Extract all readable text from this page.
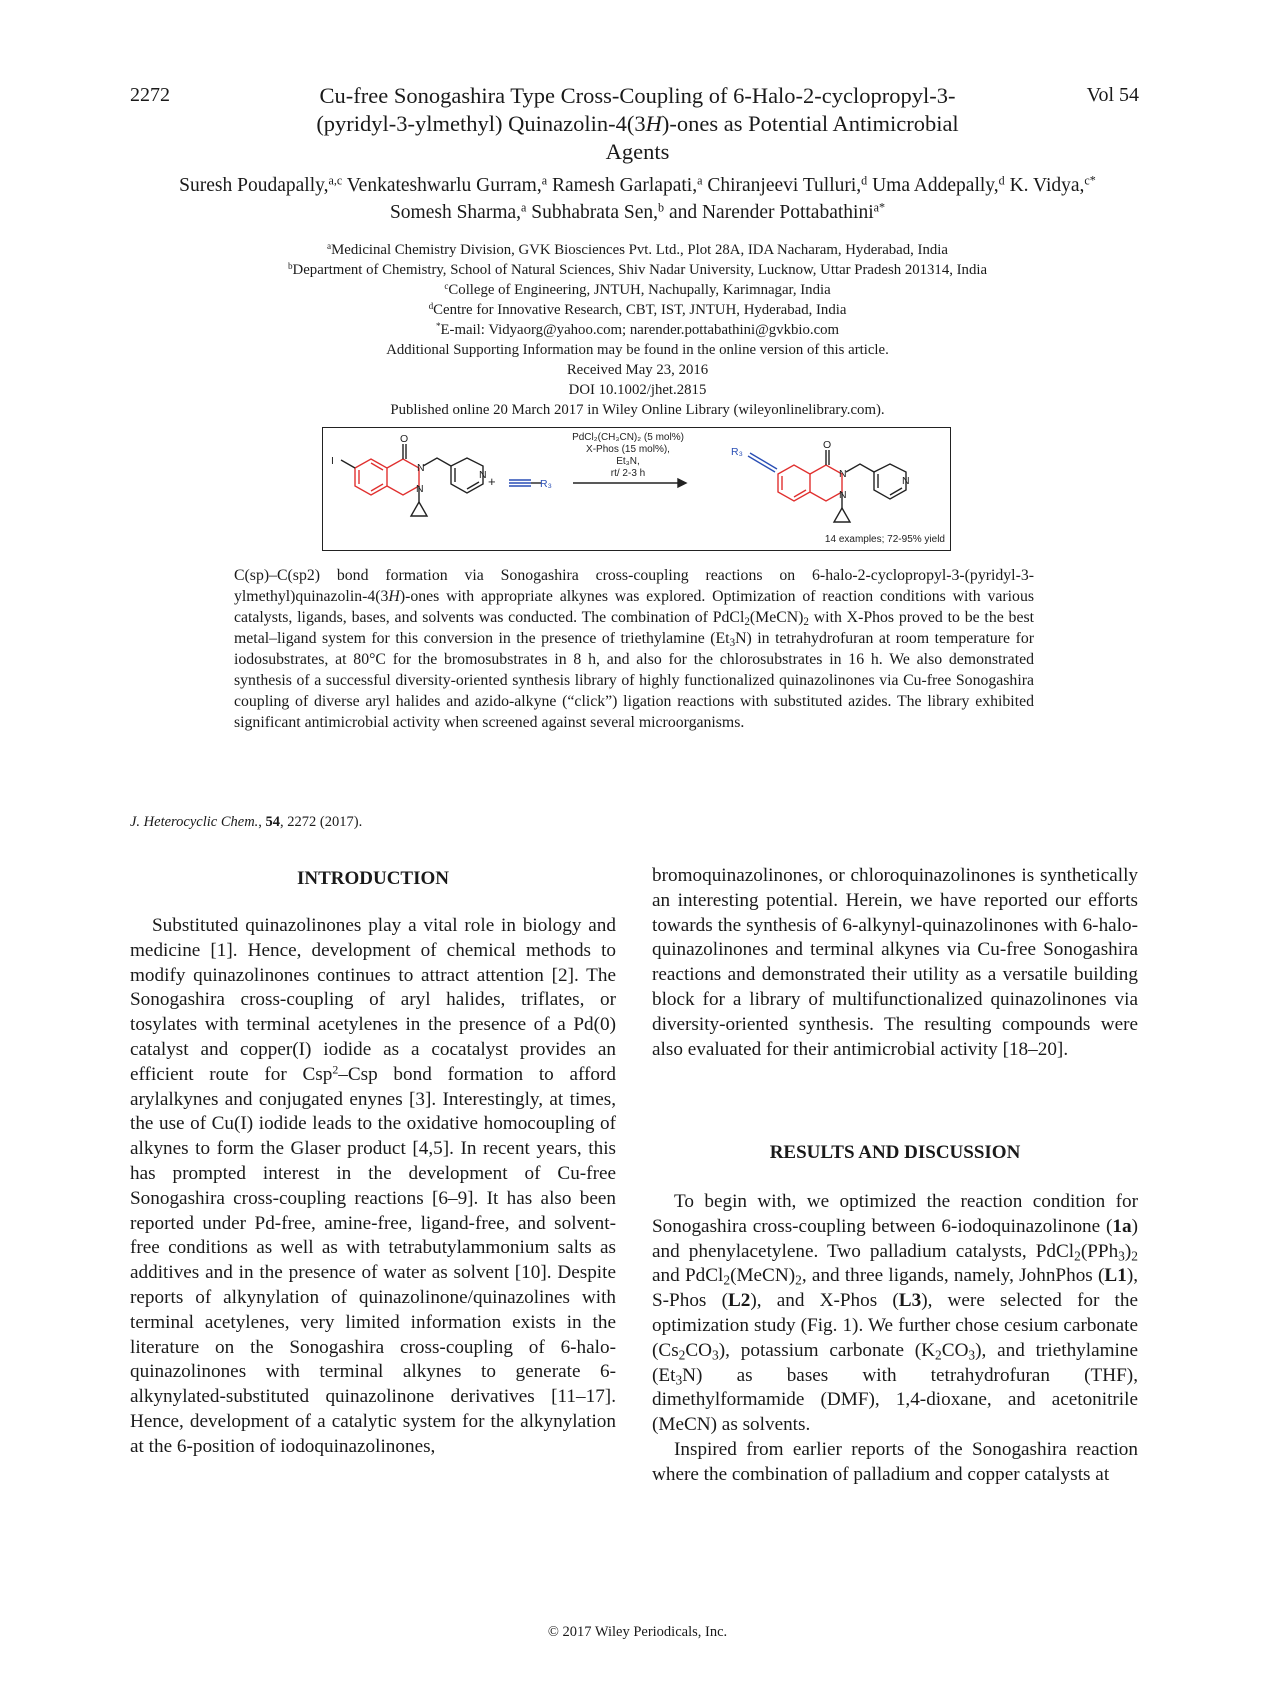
2272	Vol 54
Cu-free Sonogashira Type Cross-Coupling of 6-Halo-2-cyclopropyl-3-
(pyridyl-3-ylmethyl) Quinazolin-4(3H)-ones as Potential Antimicrobial
Agents
Suresh Poudapally,$^{a,c}$ Venkateshwarlu Gurram,$^a$ Ramesh Garlapati,$^a$ Chiranjeevi Tulluri,$^d$ Uma Addepally,$^d$ K. Vidya,$^{c*}$
Somesh Sharma,$^a$ Subhabrata Sen,$^b$ and Narender Pottabathini$^{a*}$
$^a$Medicinal Chemistry Division, GVK Biosciences Pvt. Ltd., Plot 28A, IDA Nacharam, Hyderabad, India
$^b$Department of Chemistry, School of Natural Sciences, Shiv Nadar University, Lucknow, Uttar Pradesh 201314, India
$^c$College of Engineering, JNTUH, Nachupally, Karimnagar, India
$^d$Centre for Innovative Research, CBT, IST, JNTUH, Hyderabad, India
*E-mail: Vidyaorg@yahoo.com; narender.pottabathini@gvkbio.com
Additional Supporting Information may be found in the online version of this article.
Received May 23, 2016
DOI 10.1002/jhet.2815
Published online 20 March 2017 in Wiley Online Library (wileyonlinelibrary.com).
I
O
N
N
N
R₃
+
R₃
O
N
N
N
PdCl₂(CH₃CN)₂ (5 mol%)
X-Phos (15 mol%),
Et₃N,
rt/ 2-3 h
14 examples; 72-95% yield
C(sp)–C(sp2) bond formation via Sonogashira cross-coupling reactions on 6-halo-2-cyclopropyl-3-(pyridyl-3-ylmethyl)quinazolin-4(3H)-ones with appropriate alkynes was explored. Optimization of reaction conditions with various catalysts, ligands, bases, and solvents was conducted. The combination of $PdCl_2(MeCN)_2$ with X-Phos proved to be the best metal–ligand system for this conversion in the presence of triethylamine $(Et_3N)$ in tetrahydrofuran at room temperature for iodosubstrates, at 80°C for the bromosubstrates in 8 h, and also for the chlorosubstrates in 16 h. We also demonstrated synthesis of a successful diversity-oriented synthesis library of highly functionalized quinazolinones via Cu-free Sonogashira coupling of diverse aryl halides and azido-alkyne (“click”) ligation reactions with substituted azides. The library exhibited significant antimicrobial activity when screened against several microorganisms.
J. Heterocyclic Chem., 54, 2272 (2017).
INTRODUCTION
RESULTS AND DISCUSSION

Substituted quinazolinones play a vital role in biology and medicine [1]. Hence, development of chemical methods to modify quinazolinones continues to attract attention [2]. The Sonogashira cross-coupling of aryl halides, triflates, or tosylates with terminal acetylenes in the presence of a Pd(0) catalyst and copper(I) iodide as a cocatalyst provides an efficient route for Csp$^2$–Csp bond formation to afford arylalkynes and conjugated enynes [3]. Interestingly, at times, the use of Cu(I) iodide leads to the oxidative homocoupling of alkynes to form the Glaser product [4,5]. In recent years, this has prompted interest in the development of Cu-free Sonogashira cross-coupling reactions [6–9]. It has also been reported under Pd-free, amine-free, ligand-free, and solvent-free conditions as well as with tetrabutylammonium salts as additives and in the presence of water as solvent [10]. Despite reports of alkynylation of quinazolinone/quinazolines with terminal acetylenes, very limited information exists in the literature on the Sonogashira cross-coupling of 6-halo-quinazolinones with terminal alkynes to generate 6-alkynylated-substituted quinazolinone derivatives [11–17]. Hence, development of a catalytic system for the alkynylation at the 6-position of iodoquinazolinones,

bromoquinazolinones, or chloroquinazolinones is synthetically an interesting potential. Herein, we have reported our efforts towards the synthesis of 6-alkynyl-quinazolinones with 6-halo-quinazolinones and terminal alkynes via Cu-free Sonogashira reactions and demonstrated their utility as a versatile building block for a library of multifunctionalized quinazolinones via diversity-oriented synthesis. The resulting compounds were also evaluated for their antimicrobial activity [18–20].

To begin with, we optimized the reaction condition for Sonogashira cross-coupling between 6-iodoquinazolinone (1a) and phenylacetylene. Two palladium catalysts, $PdCl_2(PPh_3)_2$ and $PdCl_2(MeCN)_2$, and three ligands, namely, JohnPhos (L1), S-Phos (L2), and X-Phos (L3), were selected for the optimization study (Fig. 1). We further chose cesium carbonate $(Cs_2CO_3)$, potassium carbonate $(K_2CO_3)$, and triethylamine $(Et_3N)$ as bases with tetrahydrofuran (THF), dimethylformamide (DMF), 1,4-dioxane, and acetonitrile (MeCN) as solvents.

Inspired from earlier reports of the Sonogashira reaction where the combination of palladium and copper catalysts at

© 2017 Wiley Periodicals, Inc.
